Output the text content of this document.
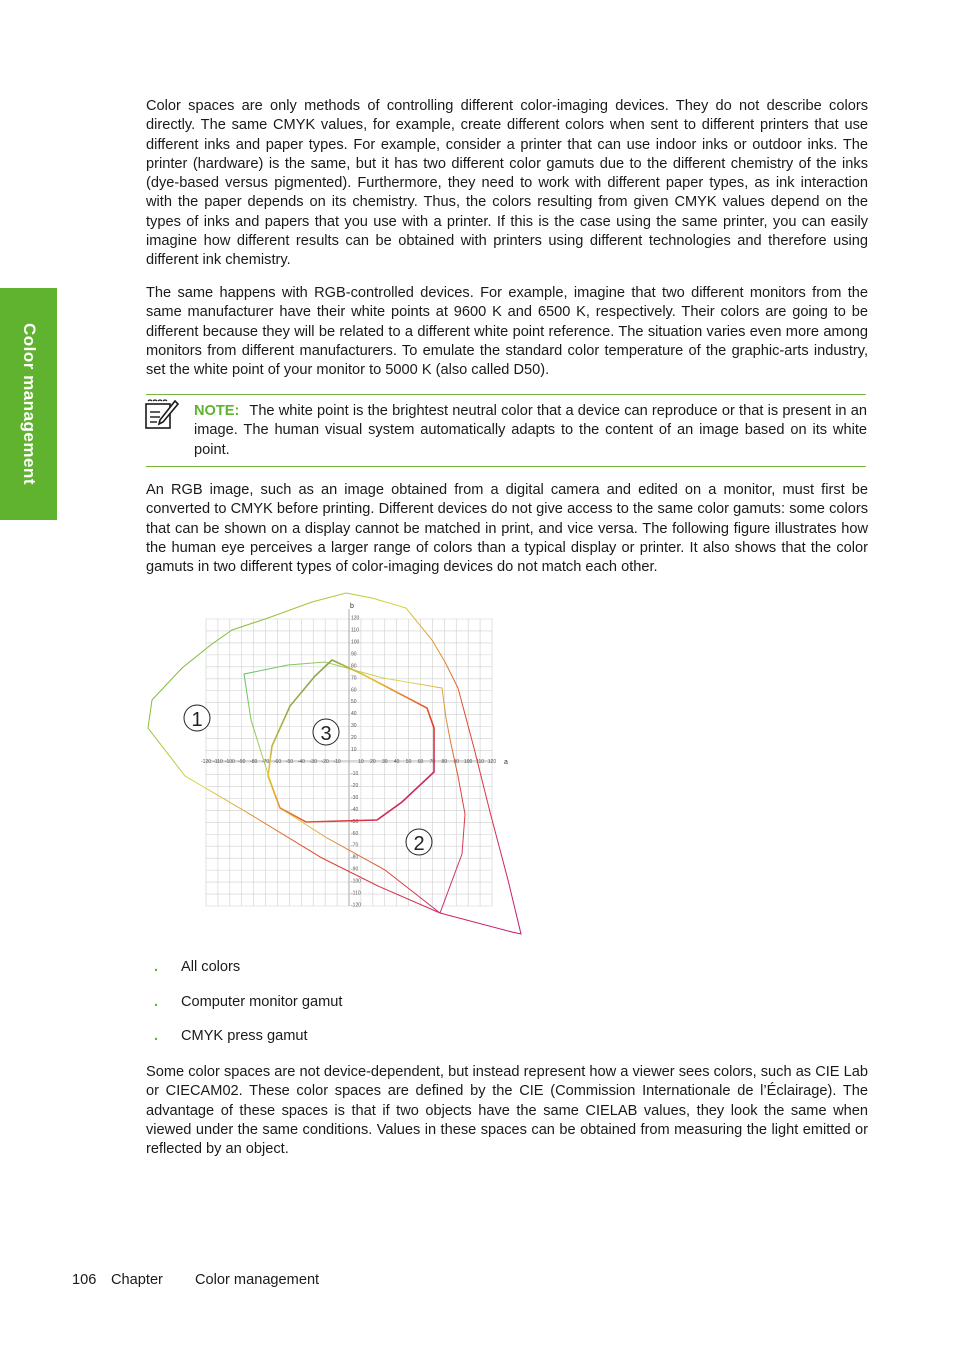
Color management

Color spaces are only methods of controlling different color-imaging devices. They do not describe colors directly. The same CMYK values, for example, create different colors when sent to different printers that use different inks and paper types. For example, consider a printer that can use indoor inks or outdoor inks. The printer (hardware) is the same, but it has two different color gamuts due to the different chemistry of the inks (dye-based versus pigmented). Furthermore, they need to work with different paper types, as ink interaction with the paper depends on its chemistry. Thus, the colors resulting from given CMYK values depend on the types of inks and papers that you use with a printer. If this is the case using the same printer, you can easily imagine how different results can be obtained with printers using different technologies and therefore using different ink chemistry.

The same happens with RGB-controlled devices. For example, imagine that two different monitors from the same manufacturer have their white points at 9600 K and 6500 K, respectively. Their colors are going to be different because they will be related to a different white point reference. The situation varies even more among monitors from different manufacturers. To emulate the standard color temperature of the graphic-arts industry, set the white point of your monitor to 5000 K (also called D50).

NOTE: The white point is the brightest neutral color that a device can reproduce or that is present in an image. The human visual system automatically adapts to the content of an image based on its white point.

An RGB image, such as an image obtained from a digital camera and edited on a monitor, must first be converted to CMYK before printing. Different devices do not give access to the same color gamuts: some colors that can be shown on a display cannot be matched in print, and vice versa. The following figure illustrates how the human eye perceives a larger range of colors than a typical display or printer. It also shows that the color gamuts in two different types of color-imaging devices do not match each other.

b
a
120
110
100
90
80
70
60
50
40
30
20
10
-10
-20
-30
-40
-50
-60
-70
-80
-90
-100
-110
-120
-120 -110 -100 -90 -80 -70 -60 -50 -40 -30 -20 -10	10 20 30 40 50 60 70 80 90 100 110 120
1
3
2
. All colors
. Computer monitor gamut
. CMYK press gamut

Some color spaces are not device-dependent, but instead represent how a viewer sees colors, such as CIE Lab or CIECAM02. These color spaces are defined by the CIE (Commission Internationale de l’Éclairage). The advantage of these spaces is that if two objects have the same CIELAB values, they look the same when viewed under the same conditions. Values in these spaces can be obtained from measuring the light emitted or reflected by an object.

106 Chapter Color management
